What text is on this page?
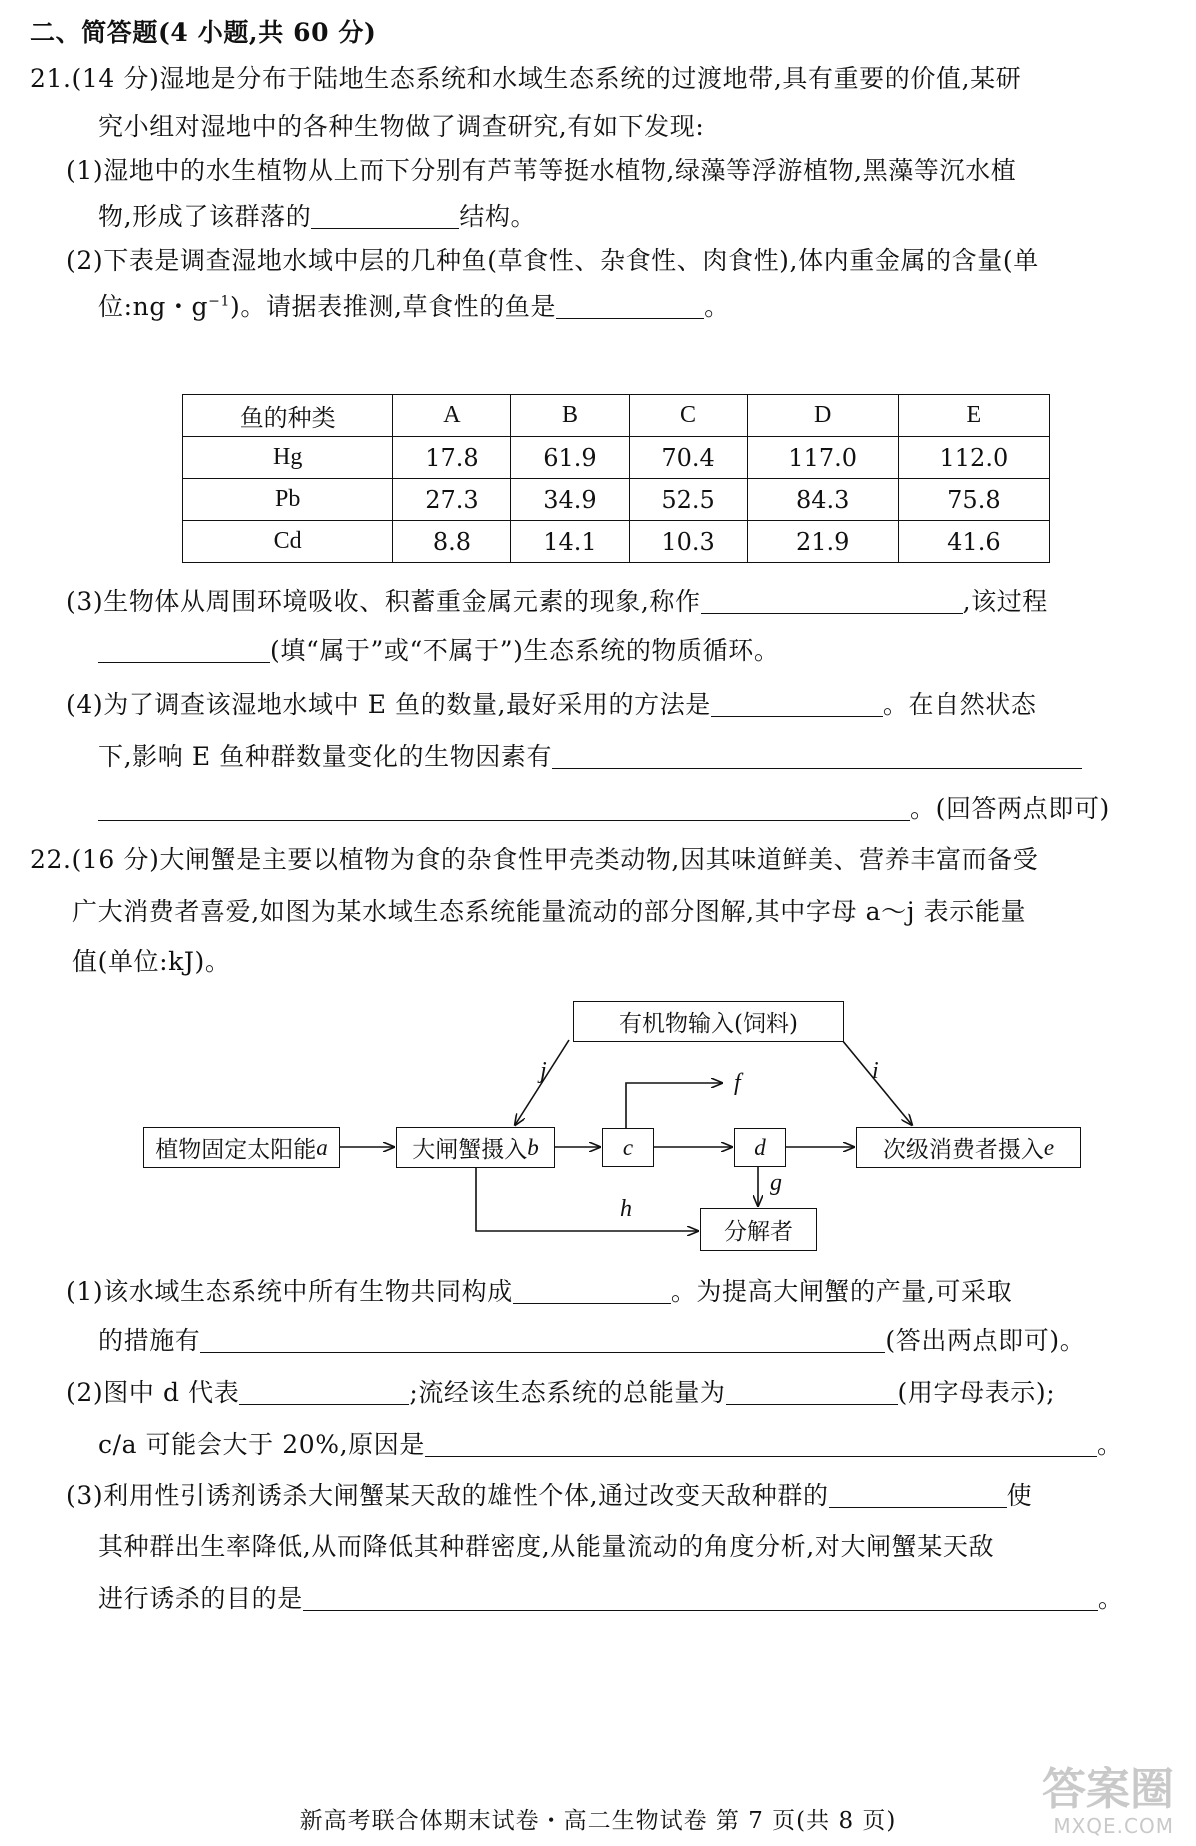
二、简答题(4 小题,共 60 分)
21.(14 分)湿地是分布于陆地生态系统和水域生态系统的过渡地带,具有重要的价值,某研
究小组对湿地中的各种生物做了调查研究,有如下发现:
(1)湿地中的水生植物从上而下分别有芦苇等挺水植物,绿藻等浮游植物,黑藻等沉水植
物,形成了该群落的	结构。
(2)下表是调查湿地水域中层的几种鱼(草食性、杂食性、肉食性),体内重金属的含量(单
位:ng・$g^{-1}$)。请据表推测,草食性的鱼是	。
鱼的种类	A	B	C	D	E
Hg	17.8	61.9	70.4	117.0	112.0
Pb	27.3	34.9	52.5	84.3	75.8
Cd	8.8	14.1	10.3	21.9	41.6
(3)生物体从周围环境吸收、积蓄重金属元素的现象,称作	,该过程
(填“属于”或“不属于”)生态系统的物质循环。
(4)为了调查该湿地水域中 E 鱼的数量,最好采用的方法是	。在自然状态
下,影响 E 鱼种群数量变化的生物因素有
。(回答两点即可)
22.(16 分)大闸蟹是主要以植物为食的杂食性甲壳类动物,因其味道鲜美、营养丰富而备受
广大消费者喜爱,如图为某水域生态系统能量流动的部分图解,其中字母 a～j 表示能量
值(单位:kJ)。
有机物输入(饲料)
植物固定太阳能 a	大闸蟹摄入 b	c	d	次级消费者摄入 e
分解者
j	i
f
g
h
(1)该水域生态系统中所有生物共同构成	。为提高大闸蟹的产量,可采取
的措施有	(答出两点即可)。
(2)图中 d 代表	;流经该生态系统的总能量为	(用字母表示);
c/a 可能会大于 20%,原因是	。
(3)利用性引诱剂诱杀大闸蟹某天敌的雄性个体,通过改变天敌种群的	使
其种群出生率降低,从而降低其种群密度,从能量流动的角度分析,对大闸蟹某天敌
进行诱杀的目的是	。
新高考联合体期末试卷・高二生物试卷 第 7 页(共 8 页)
答案圈
MXQE.COM
